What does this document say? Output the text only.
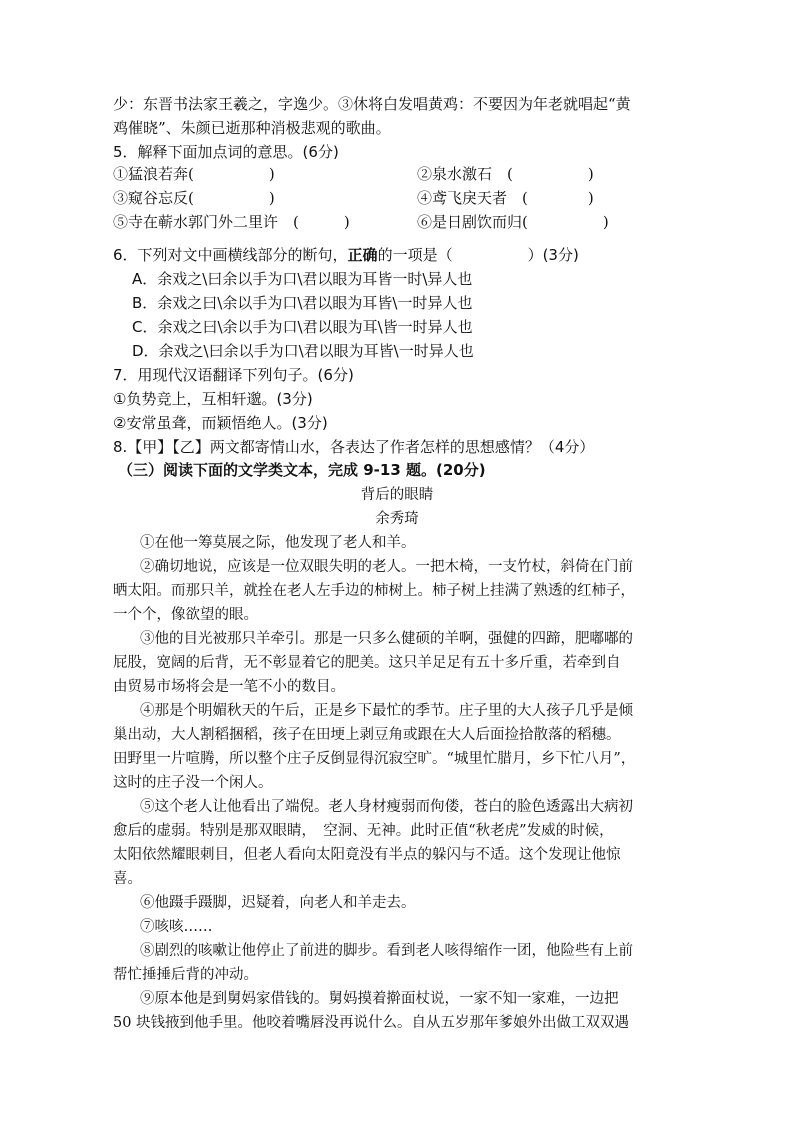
少：东晋书法家王羲之，字逸少。③休将白发唱黄鸡：不要因为年老就唱起“黄
鸡催晓”、朱颜已逝那种消极悲观的歌曲。
5．解释下面加点词的意思。(6分)
①猛浪若奔(　　　　　)	②泉水激石　(　　　　　)
③窥谷忘反(　　　　　)	④鸢飞戾天者　(　　　　)
⑤寺在蕲水郭门外二里许　(　　　)	⑥是日剧饮而归(　　　　　)
6．下列对文中画横线部分的断句，正确的一项是（　　　　　）(3分)
A．余戏之\曰余以手为口\君以眼为耳皆一时\异人也
B．余戏之曰\余以手为口\君以眼为耳皆\一时异人也
C．余戏之曰\余以手为口\君以眼为耳\皆一时异人也
D．余戏之\曰余以手为口\君以眼为耳皆\一时异人也
7．用现代汉语翻译下列句子。(6分)
①负势竞上，互相轩邈。(3分)
②安常虽聋，而颖悟绝人。(3分)
8.【甲】【乙】两文都寄情山水，各表达了作者怎样的思想感情？（4分）
（三）阅读下面的文学类文本，完成 9-13 题。(20分)
背后的眼睛
余秀琦
①在他一筹莫展之际，他发现了老人和羊。
②确切地说，应该是一位双眼失明的老人。一把木椅，一支竹杖，斜倚在门前
晒太阳。而那只羊，就拴在老人左手边的柿树上。柿子树上挂满了熟透的红柿子，
一个个，像欲望的眼。
③他的目光被那只羊牵引。那是一只多么健硕的羊啊，强健的四蹄，肥嘟嘟的
屁股，宽阔的后背，无不彰显着它的肥美。这只羊足足有五十多斤重，若牵到自
由贸易市场将会是一笔不小的数目。
④那是个明媚秋天的午后，正是乡下最忙的季节。庄子里的大人孩子几乎是倾
巢出动，大人割稻捆稻，孩子在田埂上剥豆角或跟在大人后面捡拾散落的稻穗。
田野里一片喧腾，所以整个庄子反倒显得沉寂空旷。“城里忙腊月，乡下忙八月”，
这时的庄子没一个闲人。
⑤这个老人让他看出了端倪。老人身材瘦弱而佝偻，苍白的脸色透露出大病初
愈后的虚弱。特别是那双眼睛，　空洞、无神。此时正值“秋老虎”发威的时候，
太阳依然耀眼刺目，但老人看向太阳竟没有半点的躲闪与不适。这个发现让他惊
喜。
⑥他蹑手蹑脚，迟疑着，向老人和羊走去。
⑦咳咳……
⑧剧烈的咳嗽让他停止了前进的脚步。看到老人咳得缩作一团，他险些有上前
帮忙捶捶后背的冲动。
⑨原本他是到舅妈家借钱的。舅妈摸着擀面杖说，一家不知一家难，一边把
50 块钱掖到他手里。他咬着嘴唇没再说什么。自从五岁那年爹娘外出做工双双遇
